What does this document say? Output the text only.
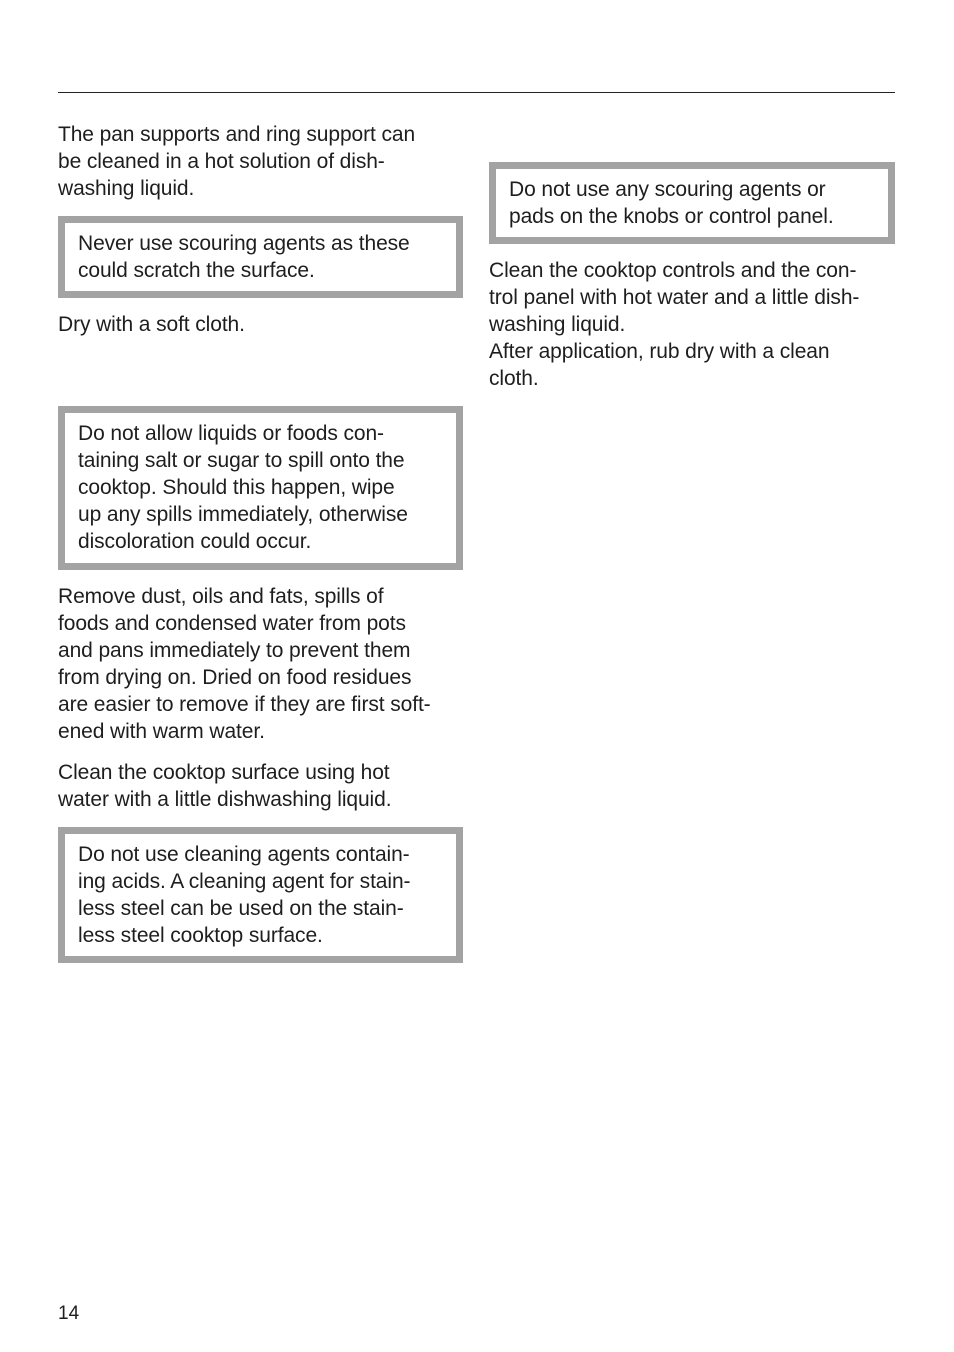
The pan supports and ring support can
be cleaned in a hot solution of dish-
washing liquid.

Never use scouring agents as these
could scratch the surface.

Dry with a soft cloth.

Do not allow liquids or foods con-
taining salt or sugar to spill onto the
cooktop. Should this happen, wipe
up any spills immediately, otherwise
discoloration could occur.

Remove dust, oils and fats, spills of
foods and condensed water from pots
and pans immediately to prevent them
from drying on. Dried on food residues
are easier to remove if they are first soft-
ened with warm water.

Clean the cooktop surface using hot
water with a little dishwashing liquid.

Do not use cleaning agents contain-
ing acids. A cleaning agent for stain-
less steel can be used on the stain-
less steel cooktop surface.

Do not use any scouring agents or
pads on the knobs or control panel.

Clean the cooktop controls and the con-
trol panel with hot water and a little dish-
washing liquid.
After application, rub dry with a clean
cloth.

14
